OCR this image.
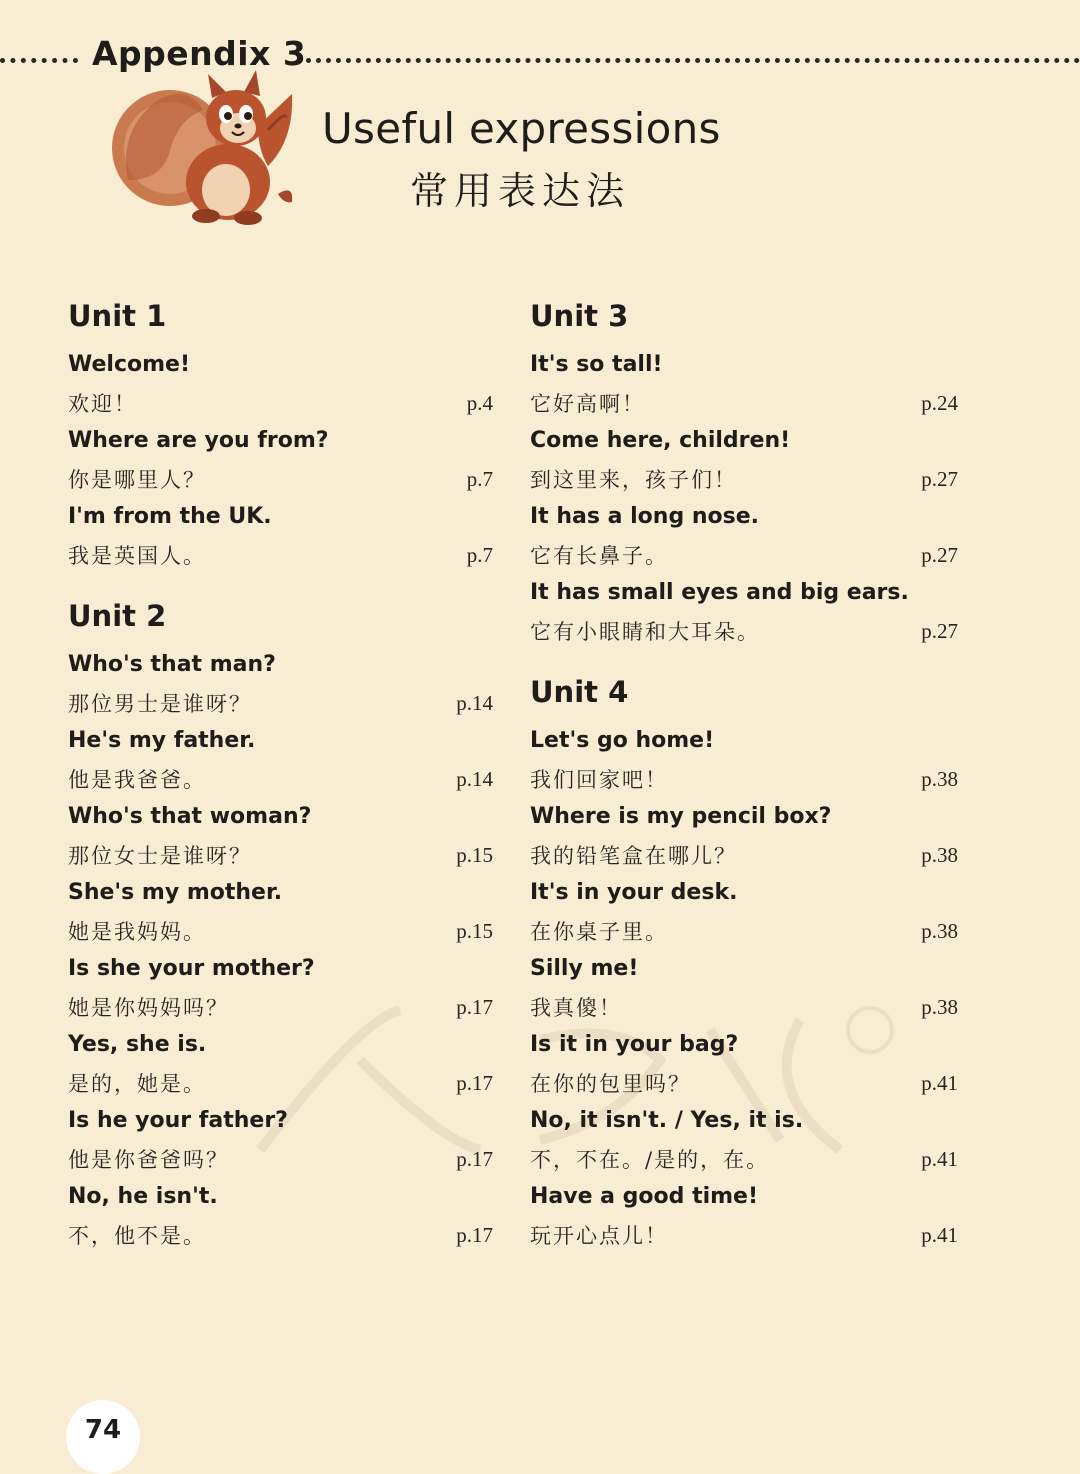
Appendix 3
Useful expressions
常用表达法
Unit 1
Welcome!
欢迎！	p.4
Where are you from?
你是哪里人？	p.7
I'm from the UK.
我是英国人。	p.7
Unit 2
Who's that man?
那位男士是谁呀？	p.14
He's my father.
他是我爸爸。	p.14
Who's that woman?
那位女士是谁呀？	p.15
She's my mother.
她是我妈妈。	p.15
Is she your mother?
她是你妈妈吗？	p.17
Yes, she is.
是的，她是。	p.17
Is he your father?
他是你爸爸吗？	p.17
No, he isn't.
不，他不是。	p.17
Unit 3
It's so tall!
它好高啊！	p.24
Come here, children!
到这里来，孩子们！	p.27
It has a long nose.
它有长鼻子。	p.27
It has small eyes and big ears.
它有小眼睛和大耳朵。	p.27
Unit 4
Let's go home!
我们回家吧！	p.38
Where is my pencil box?
我的铅笔盒在哪儿？	p.38
It's in your desk.
在你桌子里。	p.38
Silly me!
我真傻！	p.38
Is it in your bag?
在你的包里吗？	p.41
No, it isn't. / Yes, it is.
不，不在。/是的，在。	p.41
Have a good time!
玩开心点儿！	p.41
74
